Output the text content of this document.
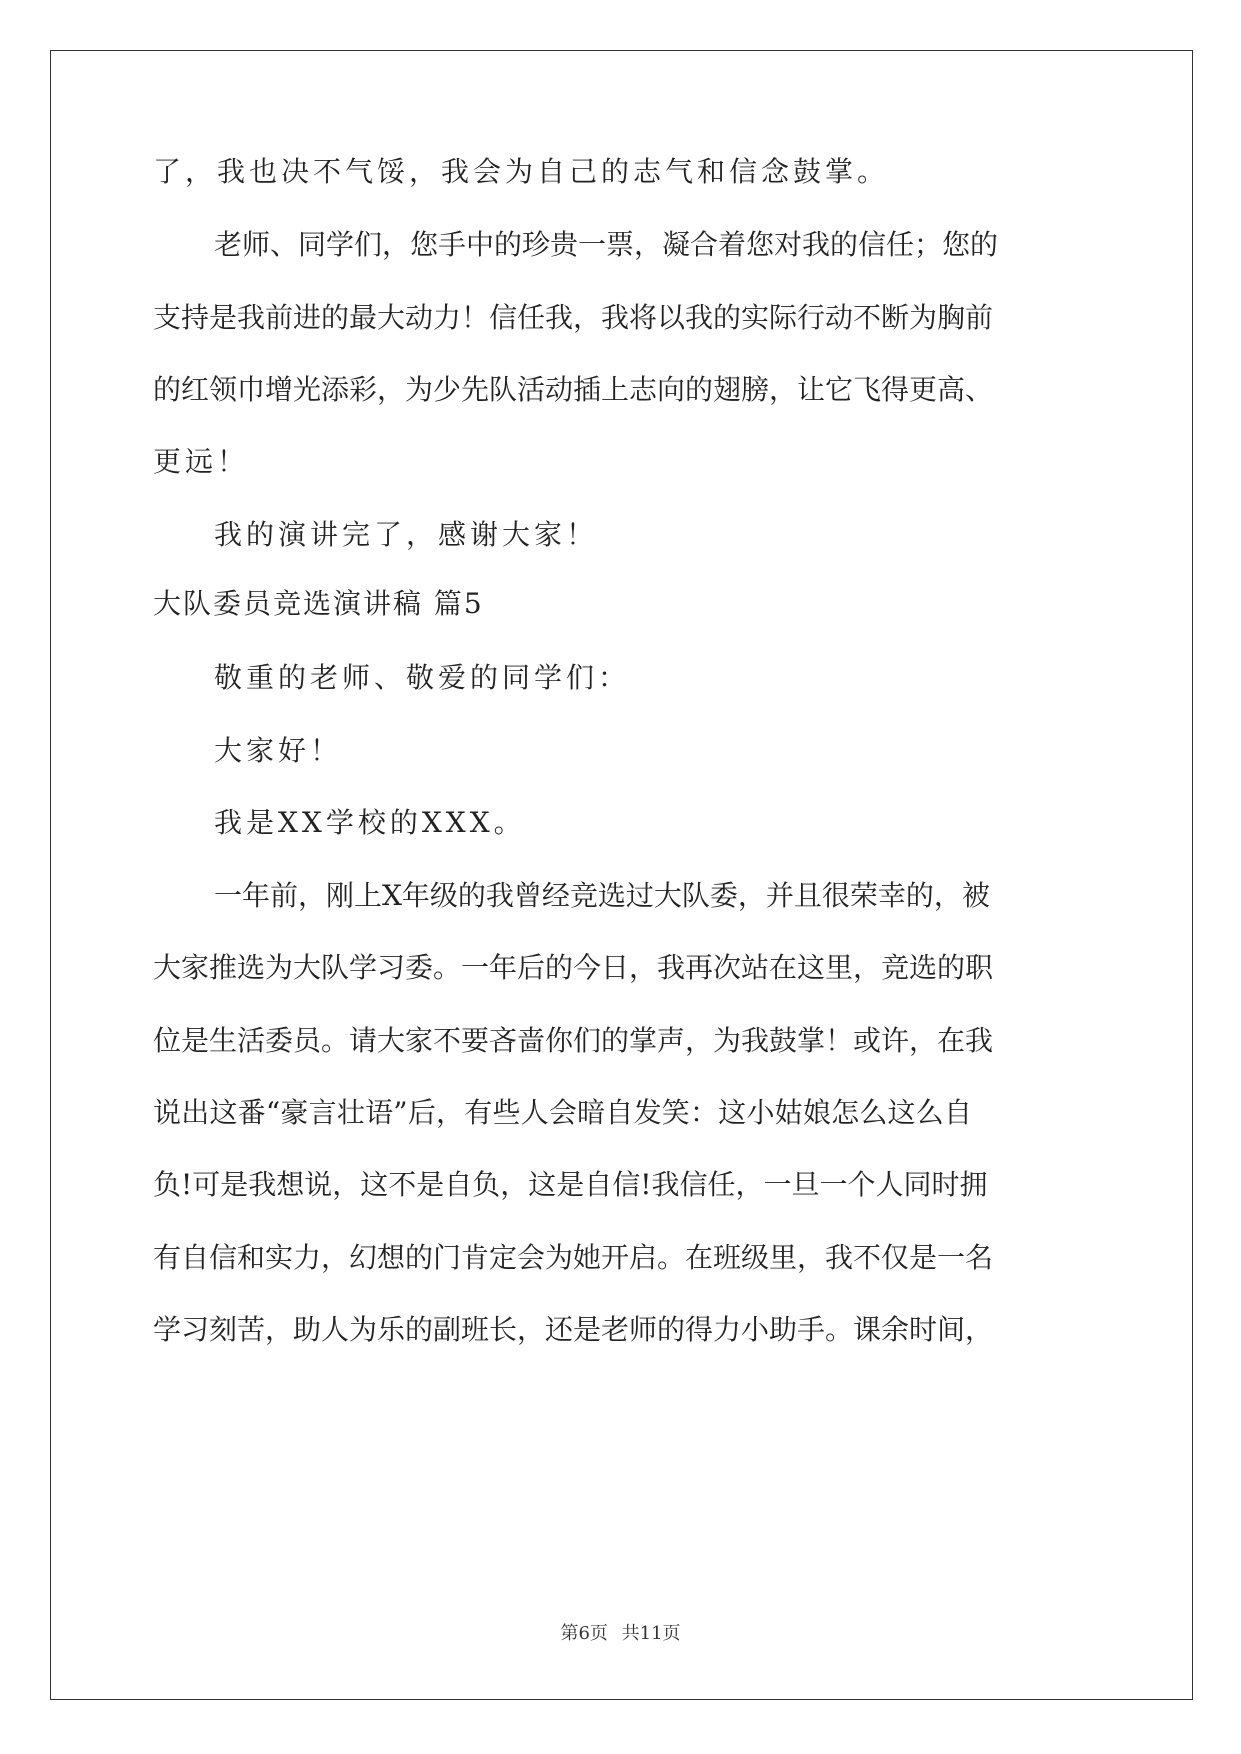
了，我也决不气馁，我会为自己的志气和信念鼓掌。
老师、同学们，您手中的珍贵一票，凝合着您对我的信任；您的
支持是我前进的最大动力！信任我，我将以我的实际行动不断为胸前
的红领巾增光添彩，为少先队活动插上志向的翅膀，让它飞得更高、
更远！
我的演讲完了，感谢大家！
大队委员竞选演讲稿 篇5
敬重的老师、敬爱的同学们：
大家好！
我是XX学校的XXX。
一年前，刚上X年级的我曾经竞选过大队委，并且很荣幸的，被
大家推选为大队学习委。一年后的今日，我再次站在这里，竞选的职
位是生活委员。请大家不要吝啬你们的掌声，为我鼓掌！或许，在我
说出这番“豪言壮语”后，有些人会暗自发笑：这小姑娘怎么这么自
负!可是我想说，这不是自负，这是自信!我信任，一旦一个人同时拥
有自信和实力，幻想的门肯定会为她开启。在班级里，我不仅是一名
学习刻苦，助人为乐的副班长，还是老师的得力小助手。课余时间，
第6页 共11页
